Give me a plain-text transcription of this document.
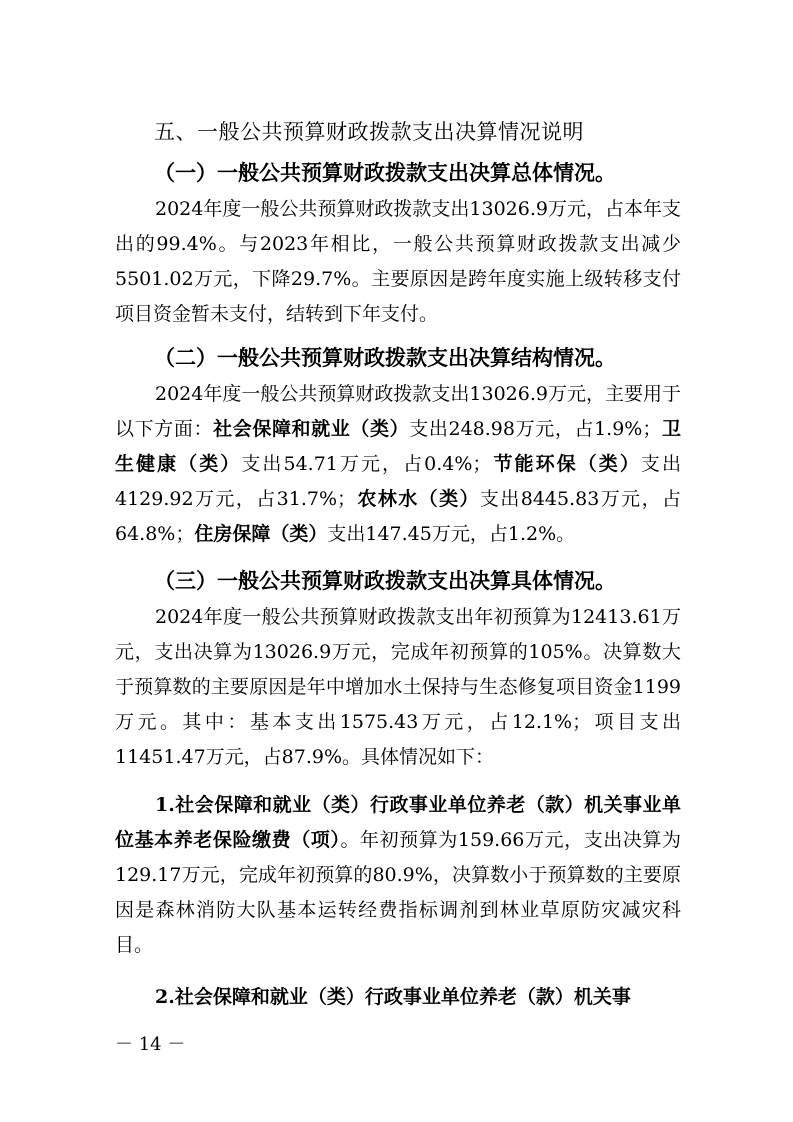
五、一般公共预算财政拨款支出决算情况说明
（一）一般公共预算财政拨款支出决算总体情况。
2024年度一般公共预算财政拨款支出13026.9万元，占本年支出的99.4%。与2023年相比，一般公共预算财政拨款支出减少5501.02万元，下降29.7%。主要原因是跨年度实施上级转移支付项目资金暂未支付，结转到下年支付。
（二）一般公共预算财政拨款支出决算结构情况。
2024年度一般公共预算财政拨款支出13026.9万元，主要用于以下方面：社会保障和就业（类）支出248.98万元，占1.9%；卫生健康（类）支出54.71万元，占0.4%；节能环保（类）支出4129.92万元，占31.7%；农林水（类）支出8445.83万元，占64.8%；住房保障（类）支出147.45万元，占1.2%。
（三）一般公共预算财政拨款支出决算具体情况。
2024年度一般公共预算财政拨款支出年初预算为12413.61万元，支出决算为13026.9万元，完成年初预算的105%。决算数大于预算数的主要原因是年中增加水土保持与生态修复项目资金1199万元。其中：基本支出1575.43万元，占12.1%；项目支出11451.47万元，占87.9%。具体情况如下：
1.社会保障和就业（类）行政事业单位养老（款）机关事业单位基本养老保险缴费（项）。年初预算为159.66万元，支出决算为129.17万元，完成年初预算的80.9%，决算数小于预算数的主要原因是森林消防大队基本运转经费指标调剂到林业草原防灾减灾科目。
2.社会保障和就业（类）行政事业单位养老（款）机关事
－ 14 －
